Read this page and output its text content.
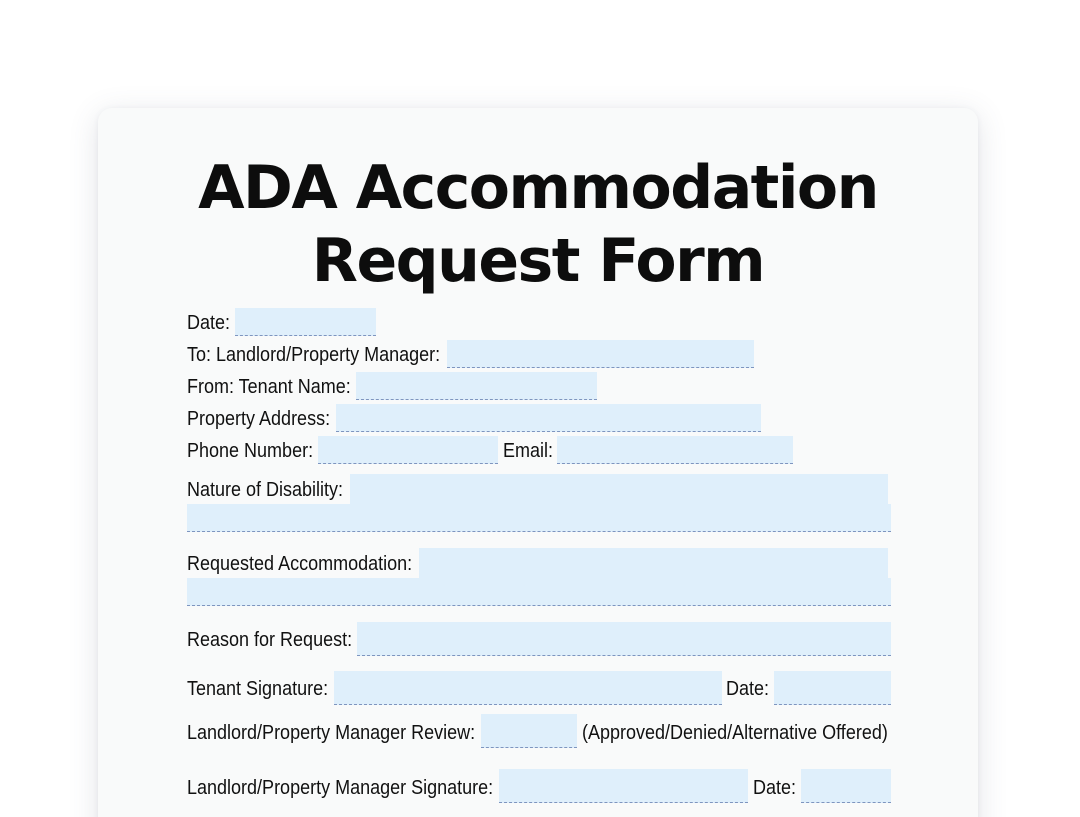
ADA Accommodation
Request Form
Date:
To: Landlord/Property Manager:
From: Tenant Name:
Property Address:
Phone Number:	Email:
Nature of Disability:
Requested Accommodation:
Reason for Request:
Tenant Signature:	Date:
Landlord/Property Manager Review:	(Approved/Denied/Alternative Offered)
Landlord/Property Manager Signature:	Date:
